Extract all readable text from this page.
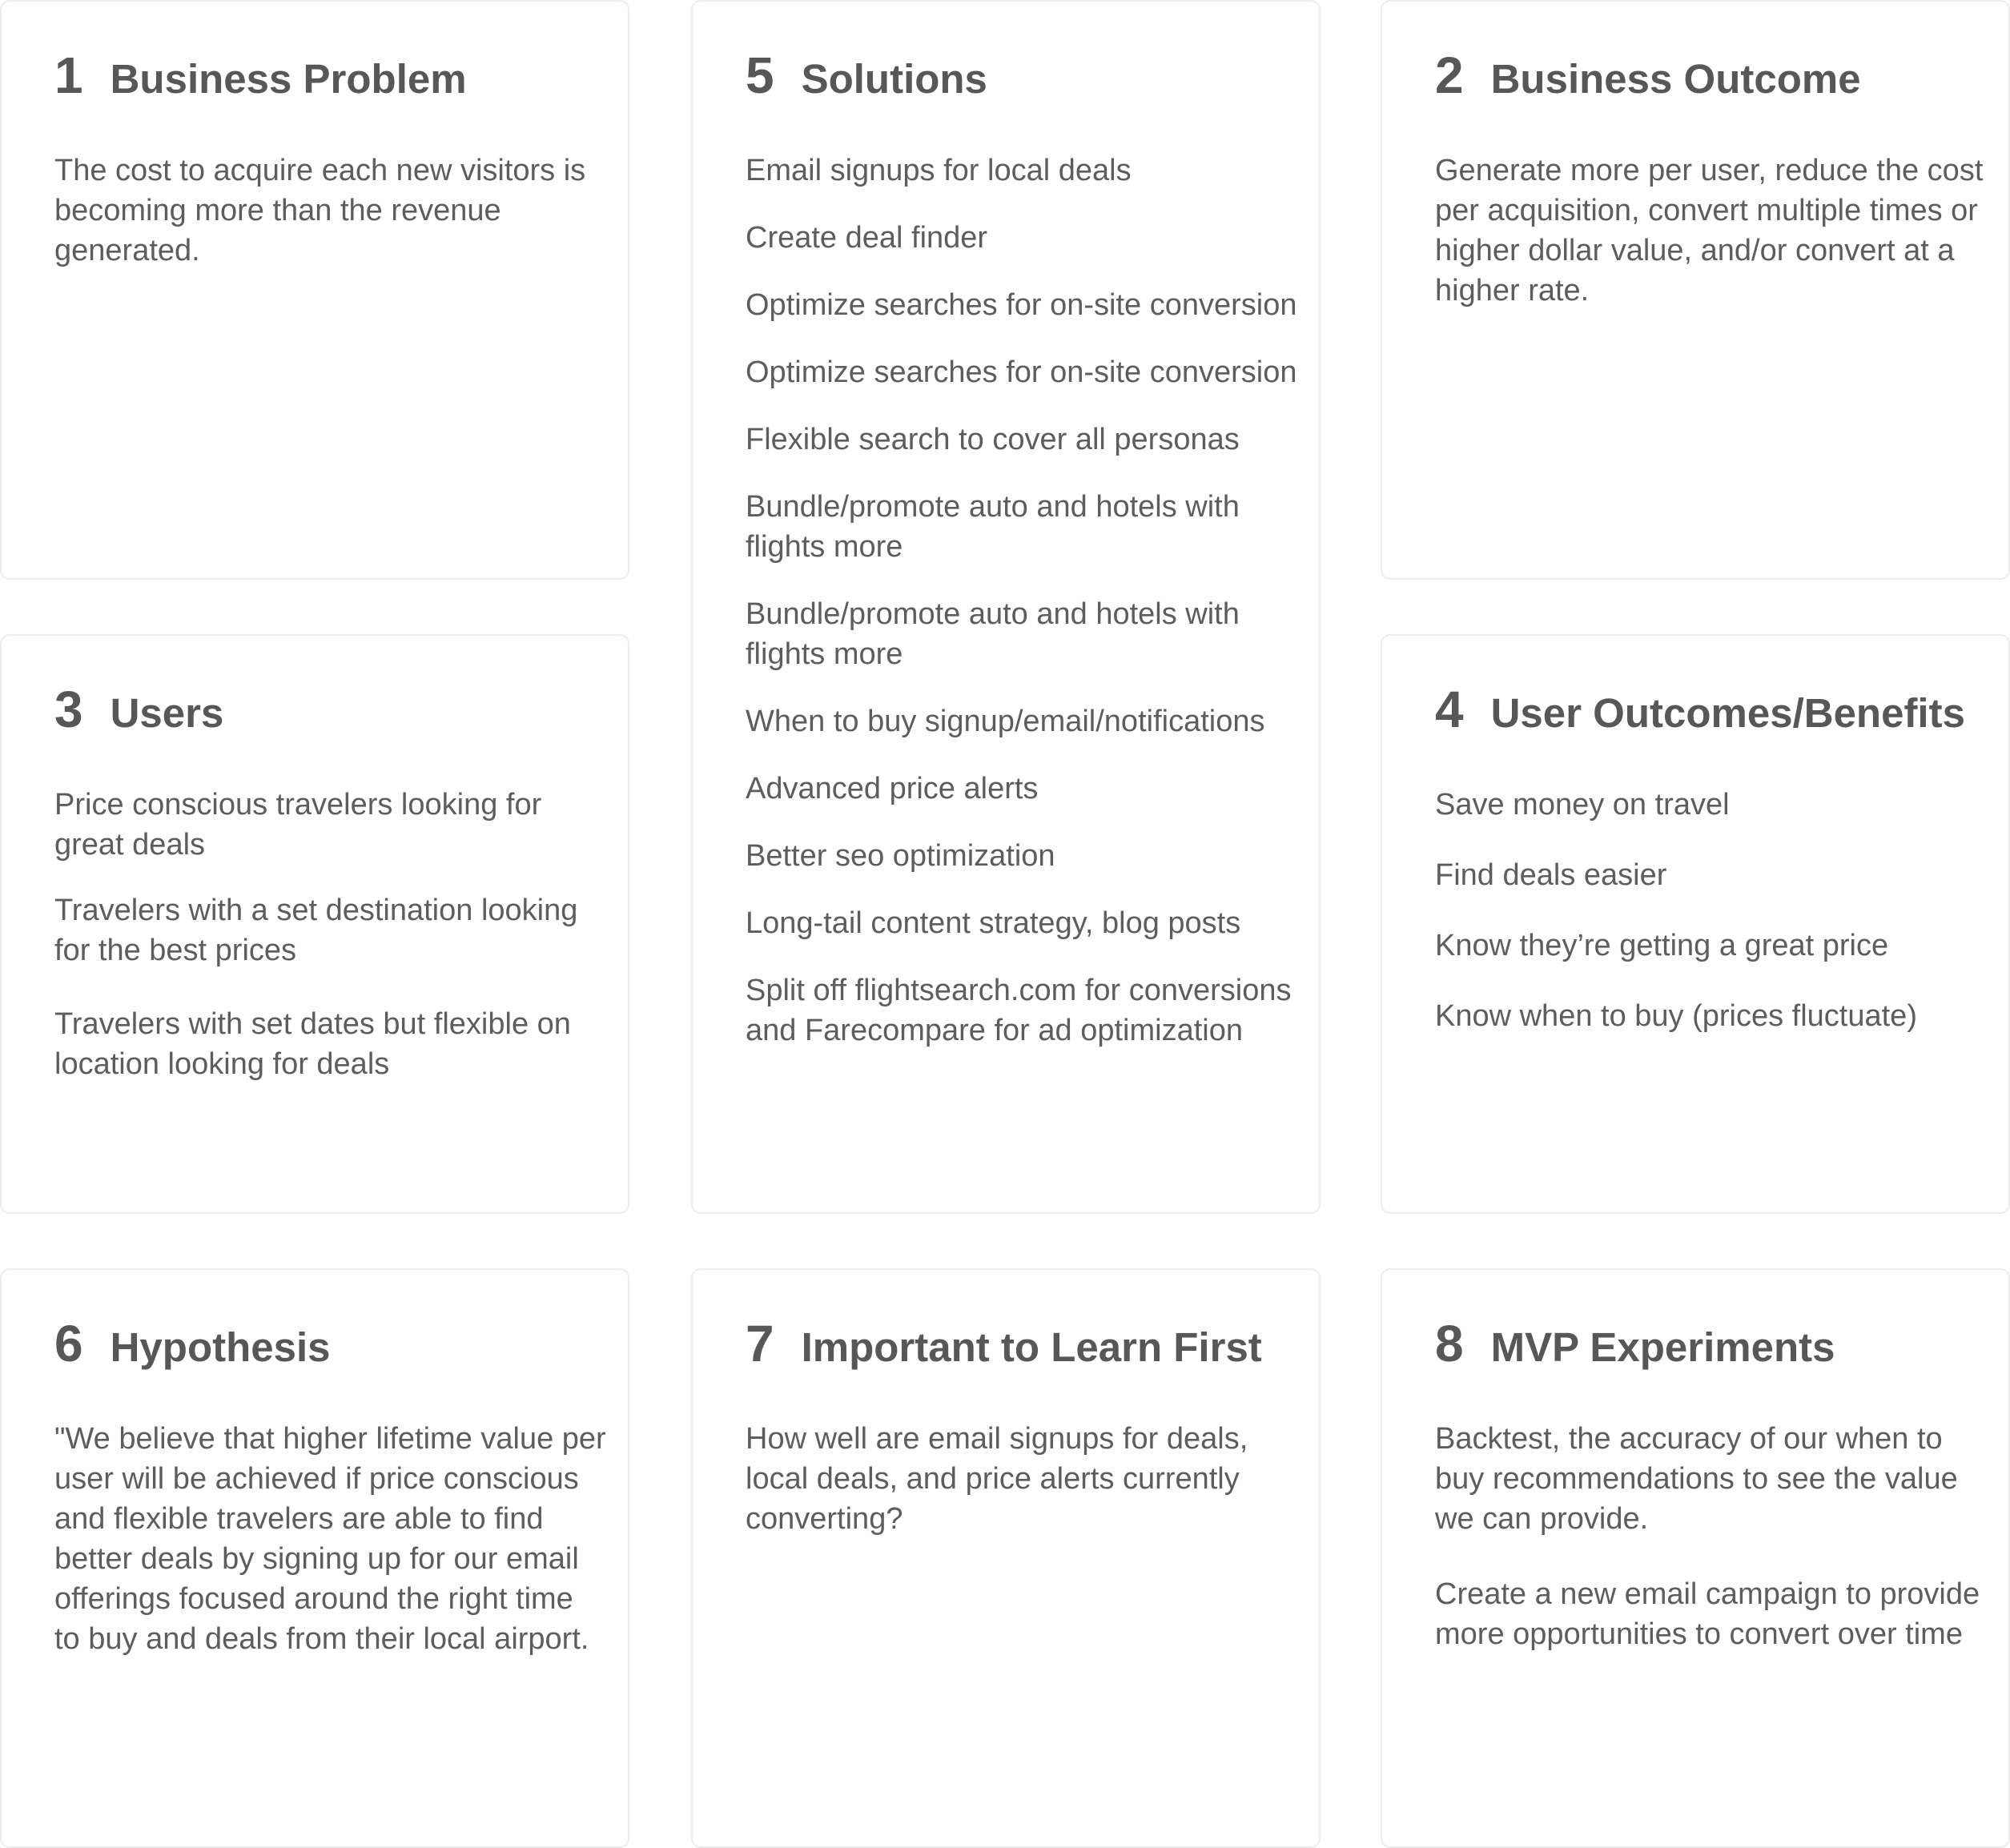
1 Business Problem

The cost to acquire each new visitors is becoming more than the revenue generated.

5 Solutions

Email signups for local deals

Create deal finder

Optimize searches for on-site conversion

Optimize searches for on-site conversion

Flexible search to cover all personas

Bundle/promote auto and hotels with flights more

Bundle/promote auto and hotels with flights more

When to buy signup/email/notifications

Advanced price alerts

Better seo optimization

Long-tail content strategy, blog posts

Split off flightsearch.com for conversions and Farecompare for ad optimization

2 Business Outcome

Generate more per user, reduce the cost per acquisition, convert multiple times or higher dollar value, and/or convert at a higher rate.

3 Users

Price conscious travelers looking for great deals

Travelers with a set destination looking for the best prices

Travelers with set dates but flexible on location looking for deals

4 User Outcomes/Benefits

Save money on travel

Find deals easier

Know they’re getting a great price

Know when to buy (prices fluctuate)

6 Hypothesis

"We believe that higher lifetime value per user will be achieved if price conscious and flexible travelers are able to find better deals by signing up for our email offerings focused around the right time to buy and deals from their local airport.

7 Important to Learn First

How well are email signups for deals, local deals, and price alerts currently converting?

8 MVP Experiments

Backtest, the accuracy of our when to buy recommendations to see the value we can provide.

Create a new email campaign to provide more opportunities to convert over time
